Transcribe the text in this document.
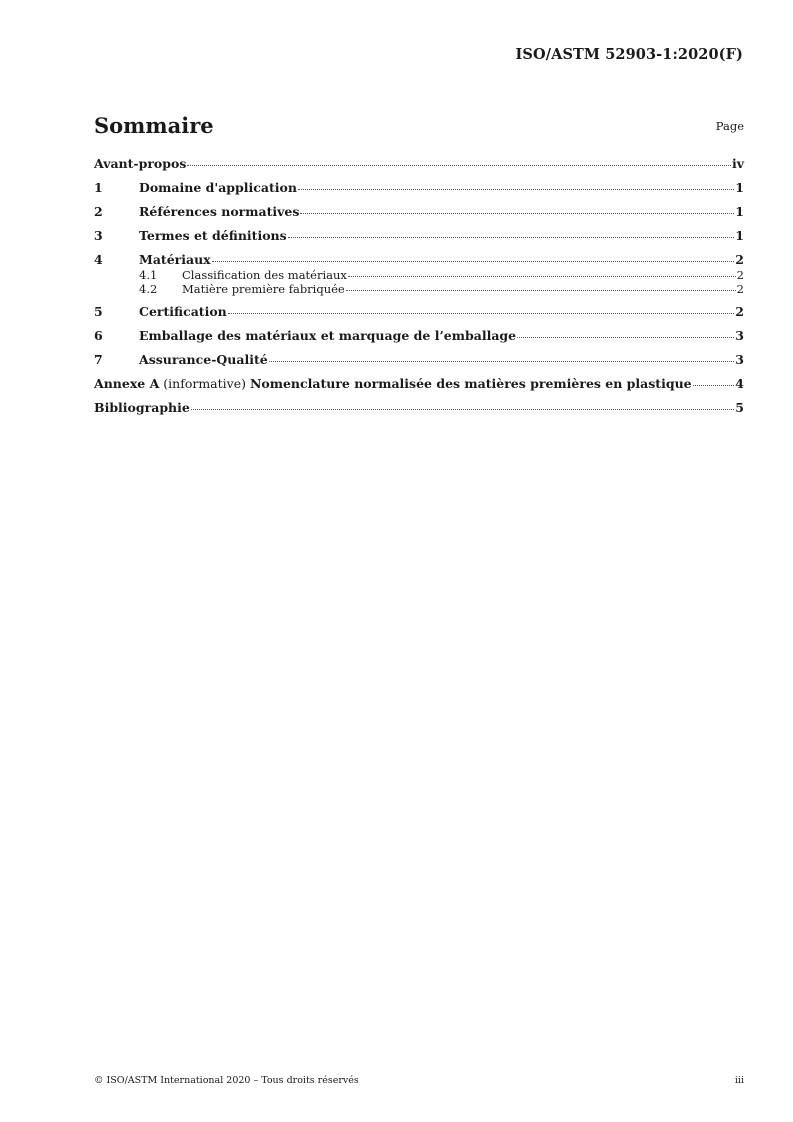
ISO/ASTM 52903-1:2020(F)
Sommaire	Page
Avant-propos	iv
1	Domaine d'application	1
2	Références normatives	1
3	Termes et définitions	1
4	Matériaux	2
4.1	Classification des matériaux	2
4.2	Matière première fabriquée	2
5	Certification	2
6	Emballage des matériaux et marquage de l’emballage	3
7	Assurance-Qualité	3
Annexe A (informative) Nomenclature normalisée des matières premières en plastique	4
Bibliographie	5
© ISO/ASTM International 2020 – Tous droits réservés	iii
